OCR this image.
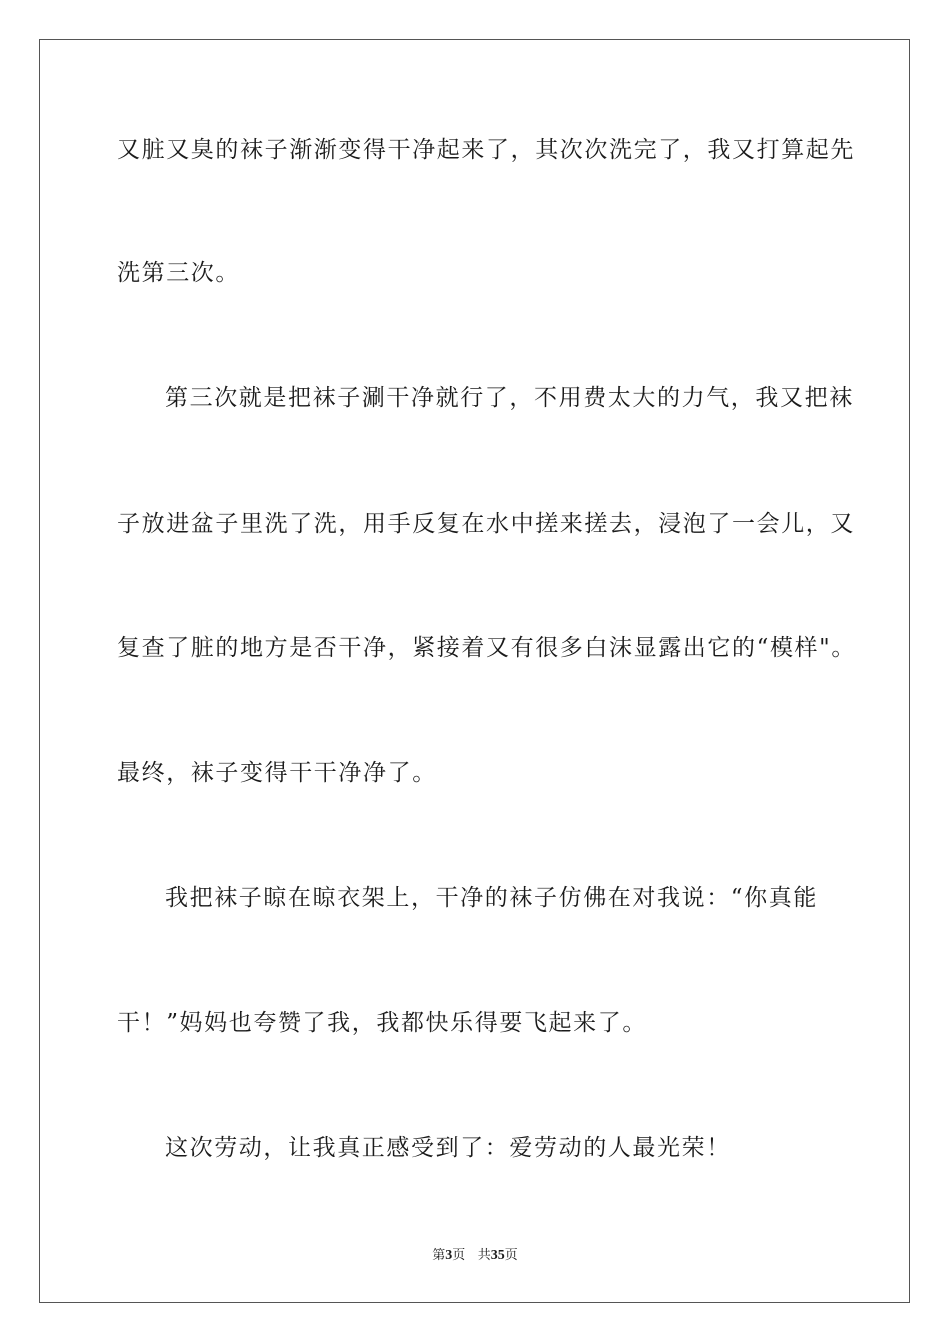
又脏又臭的袜子渐渐变得干净起来了，其次次洗完了，我又打算起先
洗第三次。
第三次就是把袜子涮干净就行了，不用费太大的力气，我又把袜
子放进盆子里洗了洗，用手反复在水中搓来搓去，浸泡了一会儿，又
复查了脏的地方是否干净，紧接着又有很多白沫显露出它的“模样"。
最终，袜子变得干干净净了。
我把袜子晾在晾衣架上，干净的袜子仿佛在对我说：“你真能
干！”妈妈也夸赞了我，我都快乐得要飞起来了。
这次劳动，让我真正感受到了：爱劳动的人最光荣！
第3页 共35页
